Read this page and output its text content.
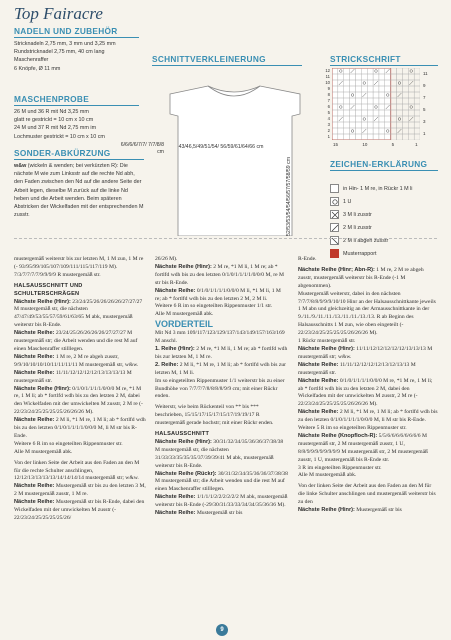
Top Fairacre
NADELN UND ZUBEHÖR
Stricknadeln 2,75 mm, 3 mm und 3,25 mm
Rundstricknadel 2,75 mm, 40 cm lang
Maschenraffer
6 Knöpfe, Ø 11 mm
MASCHENPROBE
26 M und 36 R mit Nd 3,25 mm
glatt re gestrickt = 10 cm x 10 cm
24 M und 37 R mit Nd 2,75 mm im
Lochmuster gestrickt = 10 cm x 10 cm
SONDER-ABKÜRZUNG
w&w (wickeln & wenden; bei verkürzten R): Die nächste M wie zum Linksstr auf die rechte Nd abh, den Faden zwischen den Nd auf die andere Seite der Arbeit legen, dieselbe M zurück auf die linke Nd heben und die Arbeit wenden. Beim späteren Abstricken der Wickelfaden mit der entsprechenden M zusstr.
SCHNITTVERKLEINERUNG
6/6/6/6/7/7/ 7/7/8/8 cm
43/46,5/49/51/54/ 56/59/61/64/66 cm
52/53/53/54/54/56/57/57/58/59 cm
STRICKSCHRIFT
12
11
10
9
8
7
6
5
4
3
2
1
11
9
7
5
3
1
15	10	5	1
ZEICHEN-ERKLÄRUNG
in Hin- 1 M re, in Rückr 1 M li
1 U
3 M li zusstr
2 M li zusstr
2 M li abgeh zusstr
Musterrapport

mustergemäß weiterstr bis zur letzten M, 1 M zun, 1 M re (- 93/95/99/105/107/109/111/115/117/119 M).

7/3/7/7/7/7/9/9/9/9 R mustergemäß str.

HALSAUSSCHNITT UND SCHULTERSCHRÄGEN

Nächste Reihe (Hinr): 23/24/25/26/26/26/26/27/27/27 M mustergemäß str, die nächsten 47/47/49/53/55/57/59/61/63/65 M abk, mustergemäß weiterstr bis R-Ende.

Nächste Reihe: 23/24/25/26/26/26/26/27/27/27 M mustergemäß str; die Arbeit wenden und die rest M auf einen Maschenraffer stilllegen.

Nächste Reihe: 1 M re, 2 M re abgeh zusstr, 9/9/10/10/10/10/11/11/11/11 M mustergemäß str, w&w.

Nächste Reihe: 11/11/12/12/12/12/13/13/13/13 M mustergemäß str.

Nächste Reihe (Hinr): 0/1/0/1/1/1/1/0/0/0 M re, *1 M re, 1 M li; ab * fortlfd wdh bis zu den letzten 2 M, dabei den Wickelfaden mit der umwickelten M zusstr, 2 M re (- 22/23/24/25/25/25/25/26/26/26 M).

Nächste Reihe: 2 M li, *1 M re, 1 M li; ab * fortlfd wdh bis zu den letzten 0/1/0/1/1/1/1/0/0/0 M, li M str bis R-Ende.

Weitere 6 R im so eingeteilten Rippenmuster str.

Alle M mustergemäß abk.

Von der linken Seite der Arbeit aus den Faden an den M für die rechte Schulter anschlingen, 12/12/13/13/13/13/14/14/14/14 mustergemäß str; w&w.

Nächste Reihe: Mustergemäß str bis zu den letzten 3 M, 2 M mustergemäß zusstr, 1 M re.

Nächste Reihe: Mustergemäß str bis R-Ende, dabei den Wickelfaden mit der umwickelten M zusstr (- 22/23/24/25/25/25/25/26/

26/26 M).

Nächste Reihe (Hinr): 2 M re, *1 M li, 1 M re; ab * fortlfd wdh bis zu den letzten 0/1/0/1/1/1/1/0/0/0 M, re M str bis R-Ende.

Nächste Reihe: 0/1/0/1/1/1/1/0/0/0 M li, *1 M li, 1 M re; ab * fortlfd wdh bis zu den letzten 2 M, 2 M li.

Weitere 6 R im so eingeteilten Rippenmuster 1/1 str.

Alle M mustergemäß abk.

VORDERTEIL

Mit Nd 3 mm 109/117/123/129/137/143/149/157/163/169 M anschl.

1. Reihe (Hinr): 2 M re, *1 M li, 1 M re; ab * fortlfd wdh bis zur letzten M, 1 M re.

2. Reihe: 2 M li, *1 M re, 1 M li; ab * fortlfd wdh bis zur letzten M, 1 M li.

Im so eingeteilten Rippenmuster 1/1 weiterstr bis zu einer Bundhöhe von 7/7/7/7/8/8/8/8/9/9 cm; mit einer Rückr enden.

Weiterstr, wie beim Rückenteil von ** bis *** beschrieben, 15/15/17/15/17/15/17/19/19/17 R mustergemäß gerade hochstr; mit einer Rückr enden.

HALSAUSSCHNITT

Nächste Reihe (Hinr): 30/31/32/34/35/36/36/37/38/38 M mustergemäß str, die nächsten 31/33/33/35/35/35/37/39/39/41 M abk, mustergemäß weiterstr bis R-Ende.

Nächste Reihe (Rückr): 30/31/32/34/35/36/36/37/38/38 M mustergemäß str; die Arbeit wenden und die rest M auf einen Maschenraffer stilllegen.

Nächste Reihe: 1/1/1/1/2/2/2/2/2/2 M abk, mustergemäß weiterstr bis R-Ende (-29/30/31/33/33/34/34/35/36/36 M).

Nächste Reihe: Mustergemäß str bis

R-Ende.

Nächste Reihe (Hinr; Abn-R): 1 M re, 2 M re abgeh zusstr, mustergemäß weiterstr bis R-Ende (-1 M abgenommen).

Mustergemäß weiterstr, dabei in den nächsten 7/7/7/8/8/9/9/9/10/10 Hinr an der Halsausschnittkante jeweils 1 M abn und gleichzeitig an der Armausschnittkante in der 9./11./9./11./11./13./11./11./13./13. R ab Beginn des Halsausschnitts 1 M zun, wie oben eingeteilt (- 22/23/24/25/25/25/25/26/26/26 M).

1 Rückr mustergemäß str.

Nächste Reihe (Hinr): 11/11/12/12/12/12/12/13/13/13 M mustergemäß str; w&w.

Nächste Reihe: 11/11/12/12/12/12/13/12/13/13 M mustergemäß str.

Nächste Reihe: 0/1/0/1/1/1/1/0/0/0 M re, *1 M re, 1 M li; ab * fortlfd wdh bis zu den letzten 2 M, dabei den Wickelfaden mit der umwickelten M zusstr, 2 M re (- 22/23/24/25/25/25/25/26/26/26 M).

Nächste Reihe: 2 M li, *1 M re, 1 M li; ab * fortlfd wdh bis zu den letzten 0/1/0/1/1/1/1/0/0/0 M, li M str bis R-Ende.

Weitere 5 R im so eingeteilten Rippenmuster str.

Nächste Reihe (Knopfloch-R): 5/5/6/6/6/6/6/6/6/6 M mustergemäß str, 2 M mustergemäß zusstr, 1 U, 8/8/9/9/9/9/9/9/9/9 M mustergemäß str, 2 M mustergemäß zusstr, 1 U, mustergemäß bis R-Ende str.

3 R im eingeteilten Rippenmuster str.

Alle M mustergemäß abk.

Von der linken Seite der Arbeit aus den Faden an den M für die linke Schulter anschlingen und mustergemäß weiterstr bis zu den

Nächste Reihe (Hinr): Mustergemäß str bis

9
